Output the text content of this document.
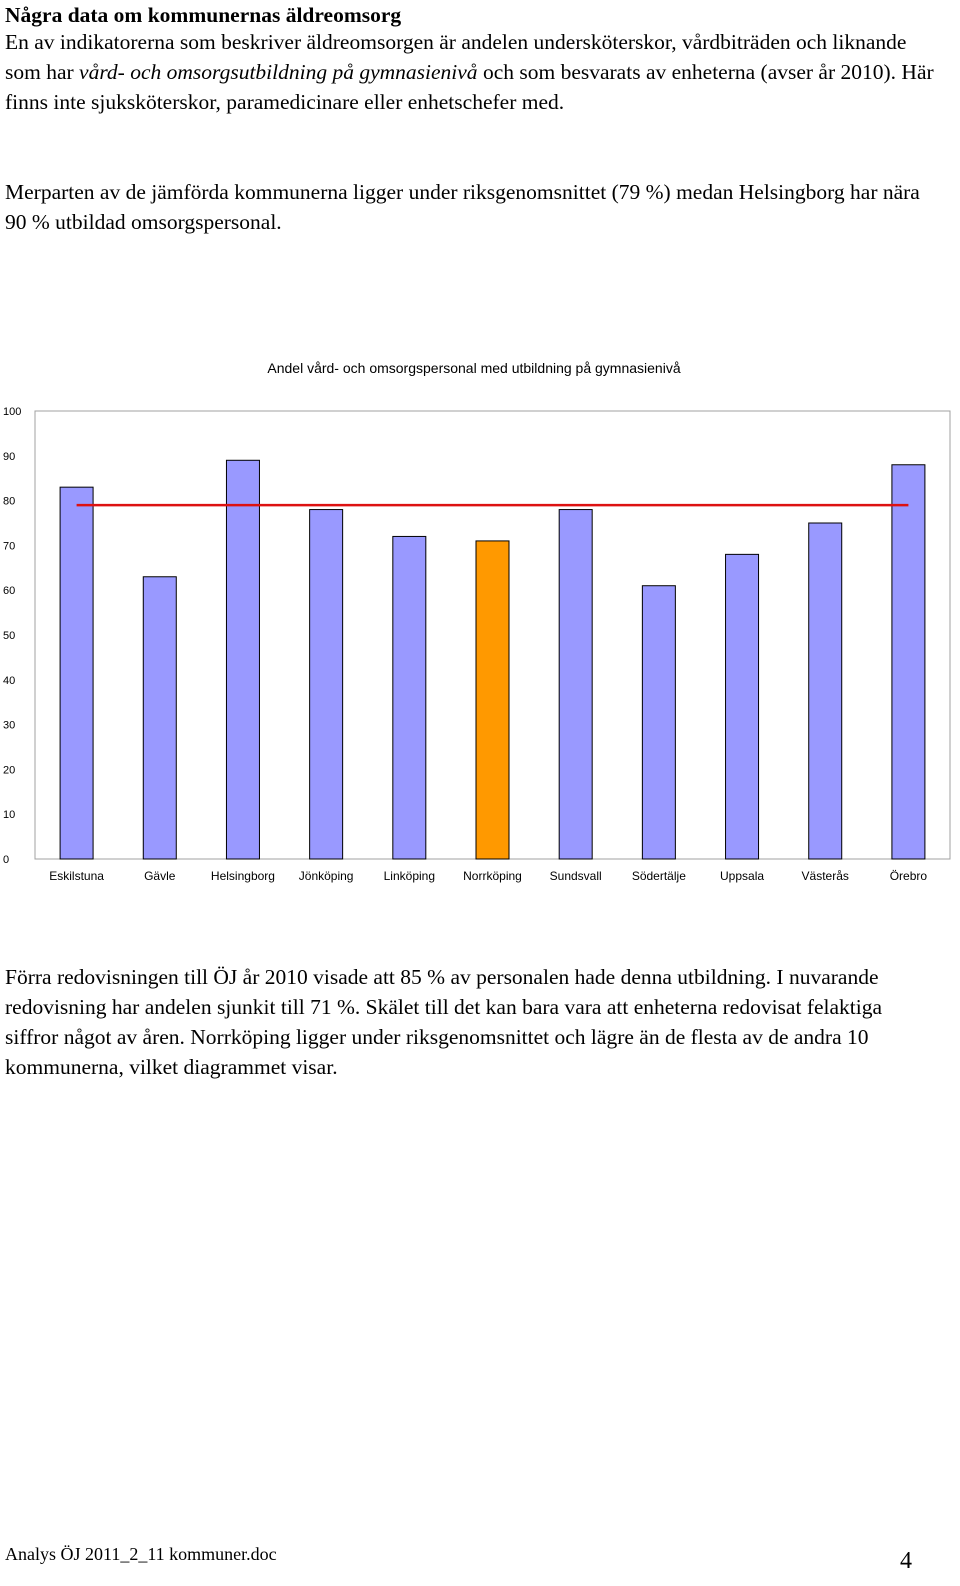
Några data om kommunernas äldreomsorg
En av indikatorerna som beskriver äldreomsorgen är andelen undersköterskor, vårdbiträden och liknande som har vård- och omsorgsutbildning på gymnasienivå och som besvarats av enheterna (avser år 2010). Här finns inte sjuksköterskor, paramedicinare eller enhetschefer med.
Merparten av de jämförda kommunerna ligger under riksgenomsnittet (79 %) medan Helsingborg har nära 90 % utbildad omsorgspersonal.
Andel vård- och omsorgspersonal med utbildning på gymnasienivå
0
10
20
30
40
50
60
70
80
90
100
Eskilstuna	Gävle	Helsingborg Jönköping	Linköping Norrköping Sundsvall	Södertälje	Uppsala	Västerås	Örebro
Förra redovisningen till ÖJ år 2010 visade att 85 % av personalen hade denna utbildning. I nuvarande redovisning har andelen sjunkit till 71 %. Skälet till det kan bara vara att enheterna redovisat felaktiga siffror något av åren. Norrköping ligger under riksgenomsnittet och lägre än de flesta av de andra 10 kommunerna, vilket diagrammet visar.
Analys ÖJ 2011_2_11 kommuner.doc	4
